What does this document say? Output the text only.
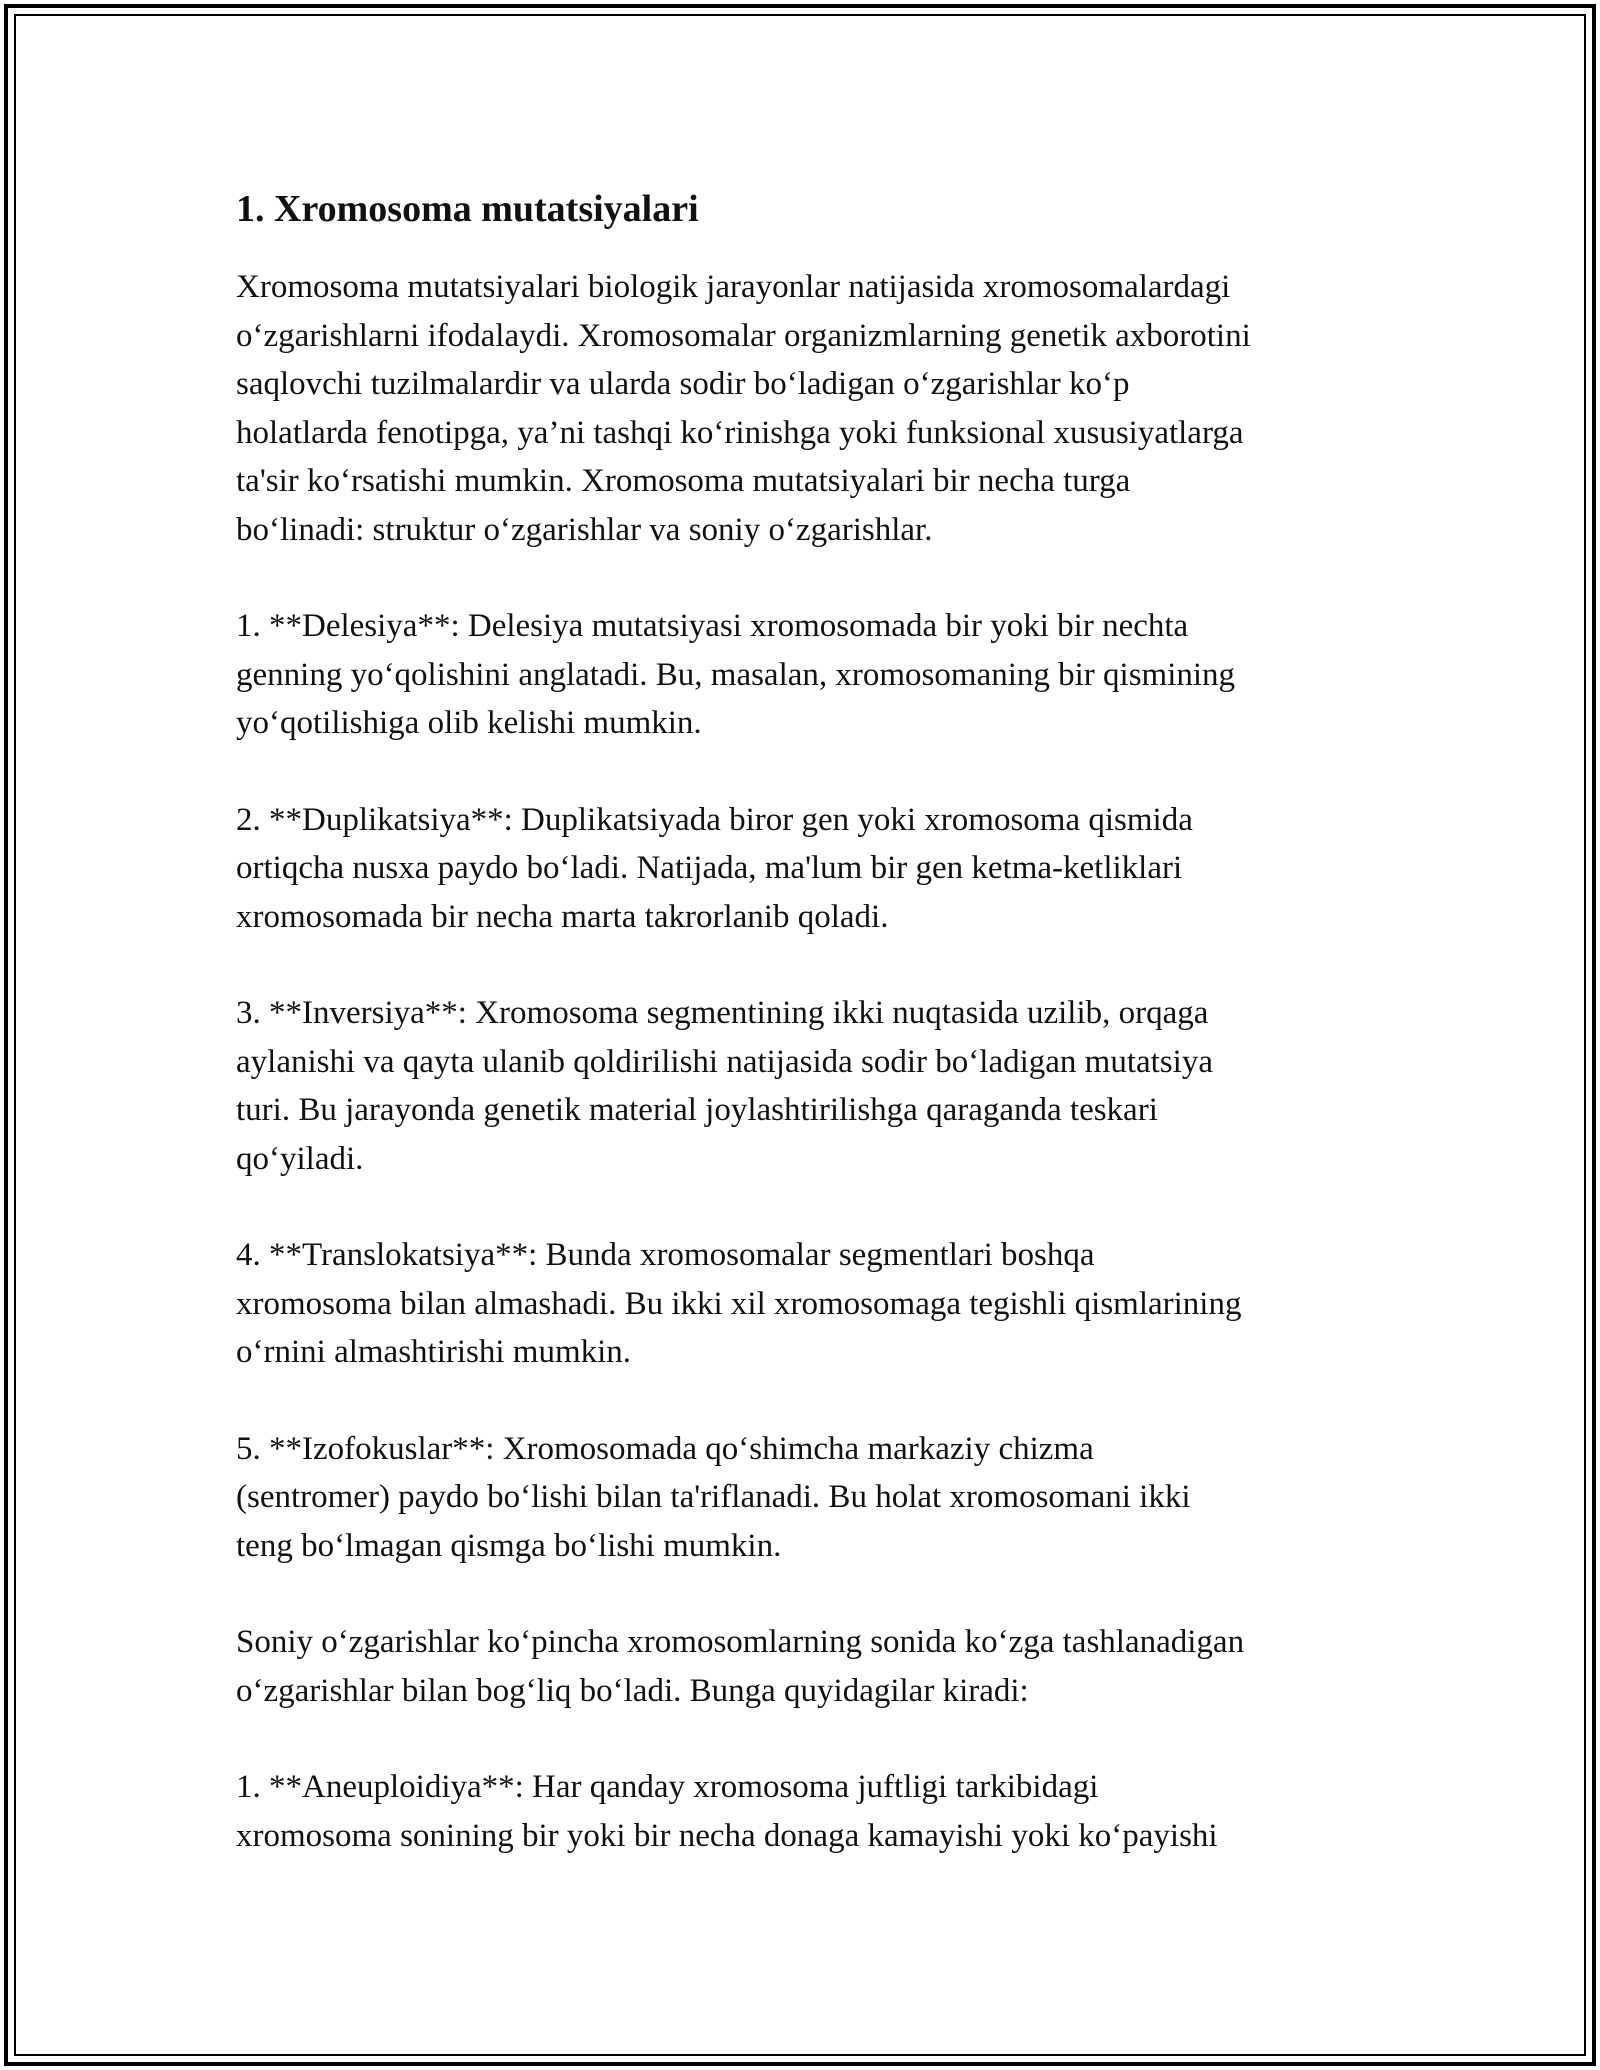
1. Xromosoma mutatsiyalari

Xromosoma mutatsiyalari biologik jarayonlar natijasida xromosomalardagi
o‘zgarishlarni ifodalaydi. Xromosomalar organizmlarning genetik axborotini
saqlovchi tuzilmalardir va ularda sodir bo‘ladigan o‘zgarishlar ko‘p
holatlarda fenotipga, ya’ni tashqi ko‘rinishga yoki funksional xususiyatlarga
ta'sir ko‘rsatishi mumkin. Xromosoma mutatsiyalari bir necha turga
bo‘linadi: struktur o‘zgarishlar va soniy o‘zgarishlar.

1. **Delesiya**: Delesiya mutatsiyasi xromosomada bir yoki bir nechta
genning yo‘qolishini anglatadi. Bu, masalan, xromosomaning bir qismining
yo‘qotilishiga olib kelishi mumkin.

2. **Duplikatsiya**: Duplikatsiyada biror gen yoki xromosoma qismida
ortiqcha nusxa paydo bo‘ladi. Natijada, ma'lum bir gen ketma-ketliklari
xromosomada bir necha marta takrorlanib qoladi.

3. **Inversiya**: Xromosoma segmentining ikki nuqtasida uzilib, orqaga
aylanishi va qayta ulanib qoldirilishi natijasida sodir bo‘ladigan mutatsiya
turi. Bu jarayonda genetik material joylashtirilishga qaraganda teskari
qo‘yiladi.

4. **Translokatsiya**: Bunda xromosomalar segmentlari boshqa
xromosoma bilan almashadi. Bu ikki xil xromosomaga tegishli qismlarining
o‘rnini almashtirishi mumkin.

5. **Izofokuslar**: Xromosomada qo‘shimcha markaziy chizma
(sentromer) paydo bo‘lishi bilan ta'riflanadi. Bu holat xromosomani ikki
teng bo‘lmagan qismga bo‘lishi mumkin.

Soniy o‘zgarishlar ko‘pincha xromosomlarning sonida ko‘zga tashlanadigan
o‘zgarishlar bilan bog‘liq bo‘ladi. Bunga quyidagilar kiradi:

1. **Aneuploidiya**: Har qanday xromosoma juftligi tarkibidagi
xromosoma sonining bir yoki bir necha donaga kamayishi yoki ko‘payishi
